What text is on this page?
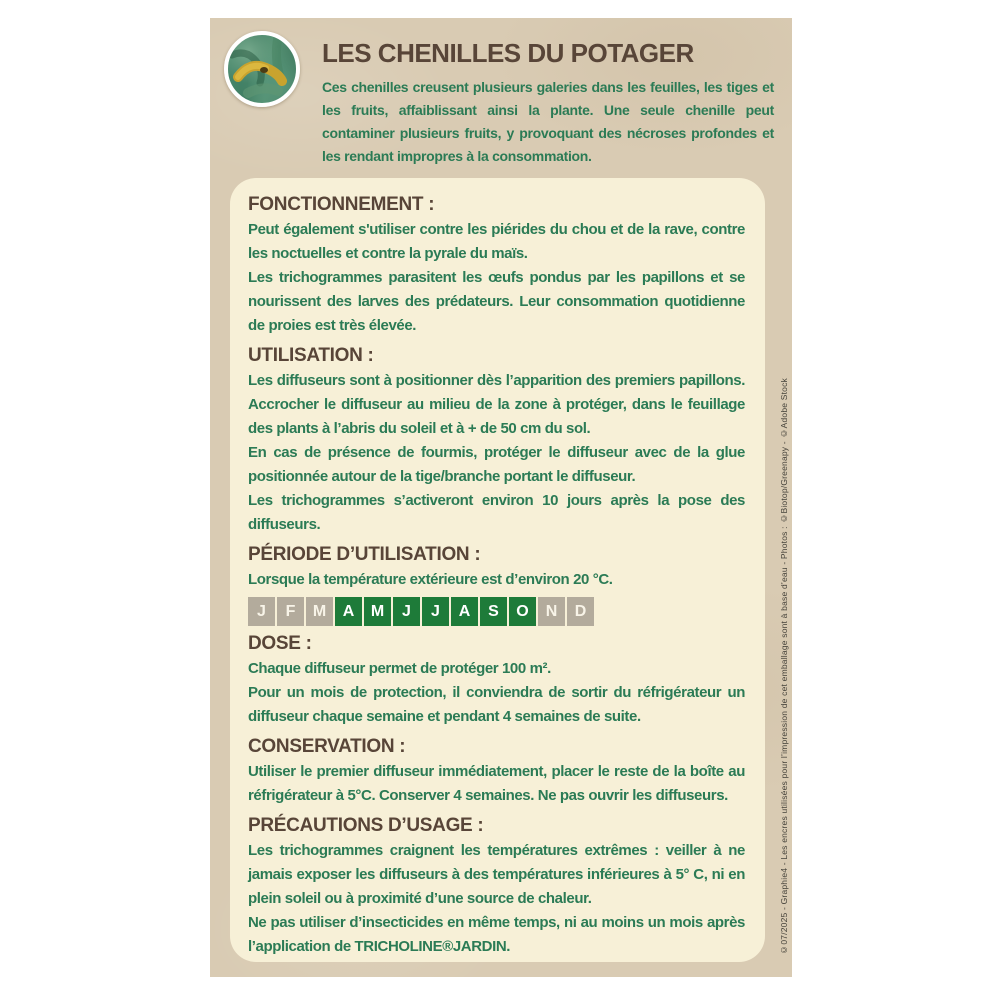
LES CHENILLES DU POTAGER

Ces chenilles creusent plusieurs galeries dans les feuilles, les tiges et les fruits, affaiblissant ainsi la plante. Une seule chenille peut contaminer plusieurs fruits, y provoquant des nécroses profondes et les rendant impropres à la consommation.

FONCTIONNEMENT :

Peut également s'utiliser contre les piérides du chou et de la rave, contre les noctuelles et contre la pyrale du maïs.

Les trichogrammes parasitent les œufs pondus par les papillons et se nourissent des larves des prédateurs. Leur consommation quotidienne de proies est très élevée.

UTILISATION :

Les diffuseurs sont à positionner dès l’apparition des premiers papillons. Accrocher le diffuseur au milieu de la zone à protéger, dans le feuillage des plants à l’abris du soleil et à + de 50 cm du sol.

En cas de présence de fourmis, protéger le diffuseur avec de la glue positionnée autour de la tige/branche portant le diffuseur.

Les trichogrammes s’activeront environ 10 jours après la pose des diffuseurs.

PÉRIODE D’UTILISATION :

Lorsque la température extérieure est d’environ 20 °C.

J	F	M	A	M	J	J	A	S	O	N	D
DOSE :

Chaque diffuseur permet de protéger 100 m².

Pour un mois de protection, il conviendra de sortir du réfrigérateur un diffuseur chaque semaine et pendant 4 semaines de suite.

CONSERVATION :

Utiliser le premier diffuseur immédiatement, placer le reste de la boîte au réfrigérateur à 5°C. Conserver 4 semaines. Ne pas ouvrir les diffuseurs.

PRÉCAUTIONS D’USAGE :

Les trichogrammes craignent les températures extrêmes : veiller à ne jamais exposer les diffuseurs à des températures inférieures à 5° C, ni en plein soleil ou à proximité d’une source de chaleur.

Ne pas utiliser d’insecticides en même temps, ni au moins un mois après l’application de TRICHOLINE®JARDIN.	©07/2025 - Graphie4 - Les encres utilisées pour l’impression de cet emballage sont à base d’eau - Photos : ©Biotop/Greenapy - ©Adobe Stock
